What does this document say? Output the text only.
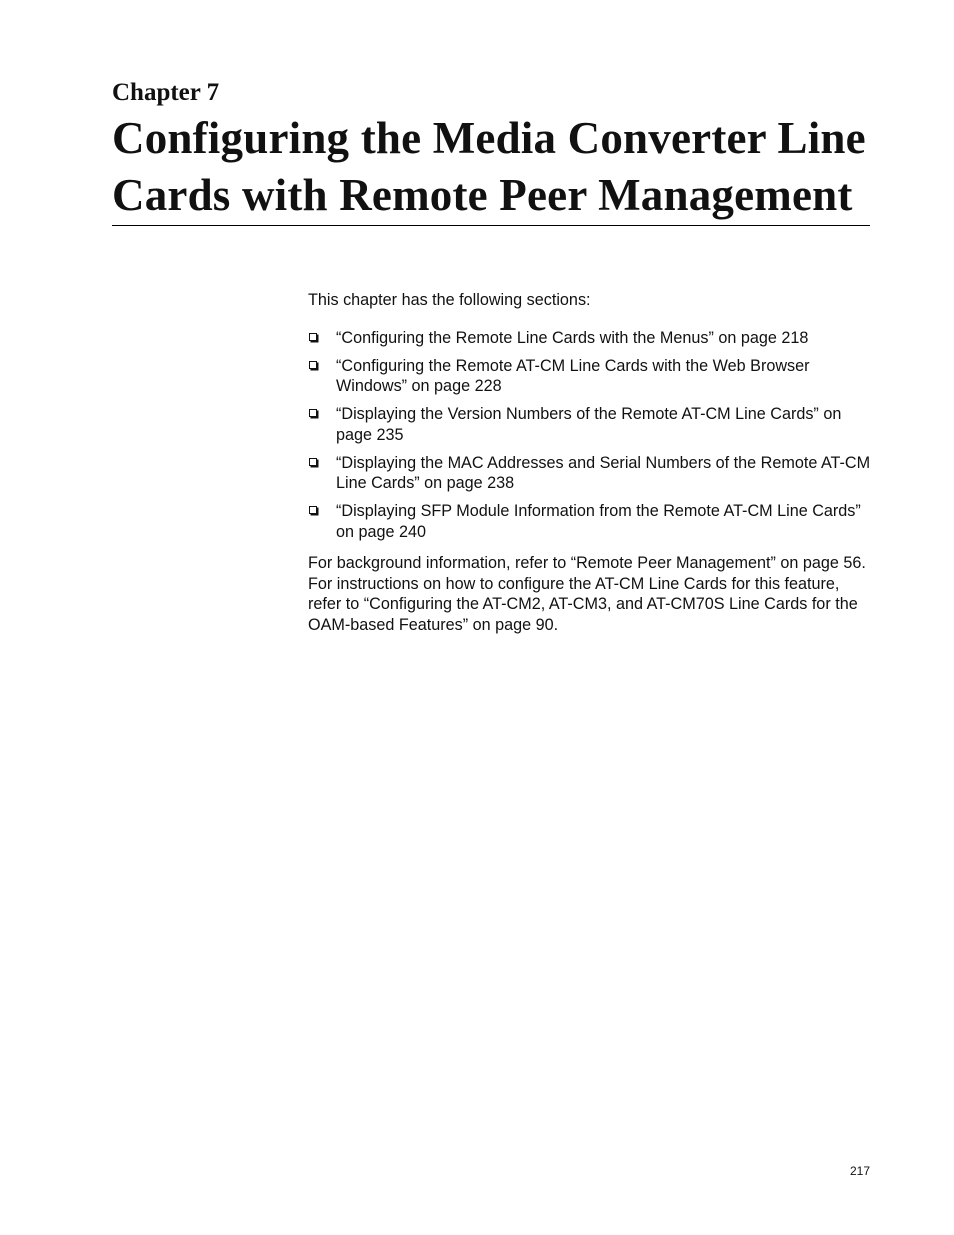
Chapter 7
Configuring the Media Converter Line Cards with Remote Peer Management

This chapter has the following sections:

“Configuring the Remote Line Cards with the Menus” on page 218
“Configuring the Remote AT-CM Line Cards with the Web Browser Windows” on page 228
“Displaying the Version Numbers of the Remote AT-CM Line Cards” on page 235
“Displaying the MAC Addresses and Serial Numbers of the Remote AT-CM Line Cards” on page 238
“Displaying SFP Module Information from the Remote AT-CM Line Cards” on page 240

For background information, refer to “Remote Peer Management” on page 56. For instructions on how to configure the AT-CM Line Cards for this feature, refer to “Configuring the AT-CM2, AT-CM3, and AT-CM70S Line Cards for the OAM-based Features” on page 90.

217
